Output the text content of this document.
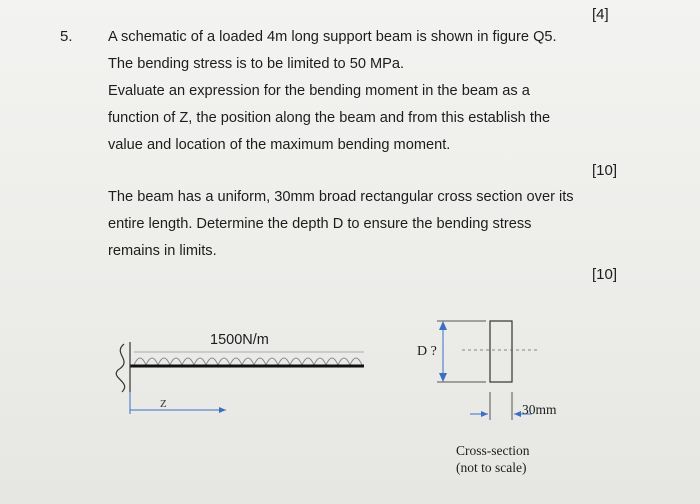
[4]
5. A schematic of a loaded 4m long support beam is shown in figure Q5.
The bending stress is to be limited to 50 MPa.
Evaluate an expression for the bending moment in the beam as a
function of Z, the position along the beam and from this establish the
value and location of the maximum bending moment.
[10]
The beam has a uniform, 30mm broad rectangular cross section over its
entire length. Determine the depth D to ensure the bending stress
remains in limits.
[10]
1500N/m
Z
D ?
30mm
Cross-section
(not to scale)
